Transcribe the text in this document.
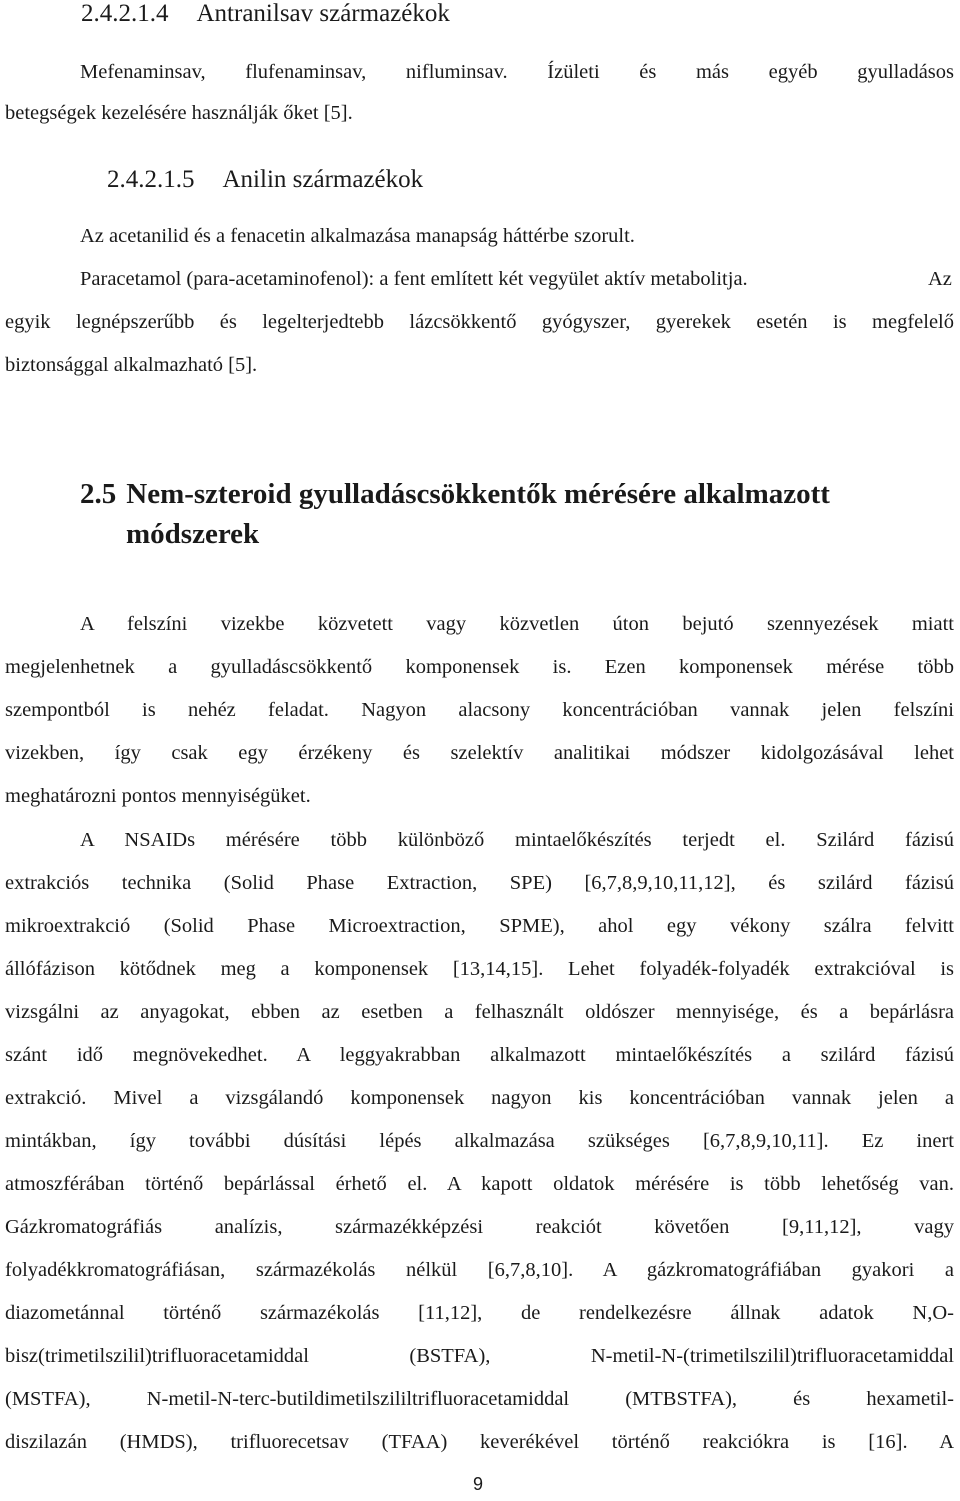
2.4.2.1.4 Antranilsav származékok

Mefenaminsav, flufenaminsav, nifluminsav. Ízületi és más egyéb gyulladásos

betegségek kezelésére használják őket [5].

2.4.2.1.5 Anilin származékok

Az acetanilid és a fenacetin alkalmazása manapság háttérbe szorult.

Paracetamol (para-acetaminofenol): a fent említett két vegyület aktív metabolitja.	Az

egyik legnépszerűbb és legelterjedtebb lázcsökkentő gyógyszer, gyerekek esetén is megfelelő

biztonsággal alkalmazható [5].

2.5 Nem-szteroid gyulladáscsökkentők mérésére alkalmazott
módszerek

A felszíni vizekbe közvetett vagy közvetlen úton bejutó szennyezések miatt

megjelenhetnek a gyulladáscsökkentő komponensek is. Ezen komponensek mérése több

szempontból is nehéz feladat. Nagyon alacsony koncentrációban vannak jelen felszíni

vizekben, így csak egy érzékeny és szelektív analitikai módszer kidolgozásával lehet

meghatározni pontos mennyiségüket.

A NSAIDs mérésére több különböző mintaelőkészítés terjedt el. Szilárd fázisú

extrakciós technika (Solid Phase Extraction, SPE) [6,7,8,9,10,11,12], és szilárd fázisú

mikroextrakció (Solid Phase Microextraction, SPME), ahol egy vékony szálra felvitt

állófázison kötődnek meg a komponensek [13,14,15]. Lehet folyadék-folyadék extrakcióval is

vizsgálni az anyagokat, ebben az esetben a felhasznált oldószer mennyisége, és a bepárlásra

szánt idő megnövekedhet. A leggyakrabban alkalmazott mintaelőkészítés a szilárd fázisú

extrakció. Mivel a vizsgálandó komponensek nagyon kis koncentrációban vannak jelen a

mintákban, így további dúsítási lépés alkalmazása szükséges [6,7,8,9,10,11]. Ez inert

atmoszférában történő bepárlással érhető el. A kapott oldatok mérésére is több lehetőség van.

Gázkromatográfiás analízis, származékképzési reakciót követően [9,11,12], vagy

folyadékkromatográfiásan, származékolás nélkül [6,7,8,10]. A gázkromatográfiában gyakori a

diazometánnal történő származékolás [11,12], de rendelkezésre állnak adatok N,O-

bisz(trimetilszilil)trifluoracetamiddal (BSTFA), N-metil-N-(trimetilszilil)trifluoracetamiddal

(MSTFA), N-metil-N-terc-butildimetilszililtrifluoracetamiddal (MTBSTFA), és hexametil-

diszilazán (HMDS), trifluorecetsav (TFAA) keverékével történő reakciókra is [16]. A

9
